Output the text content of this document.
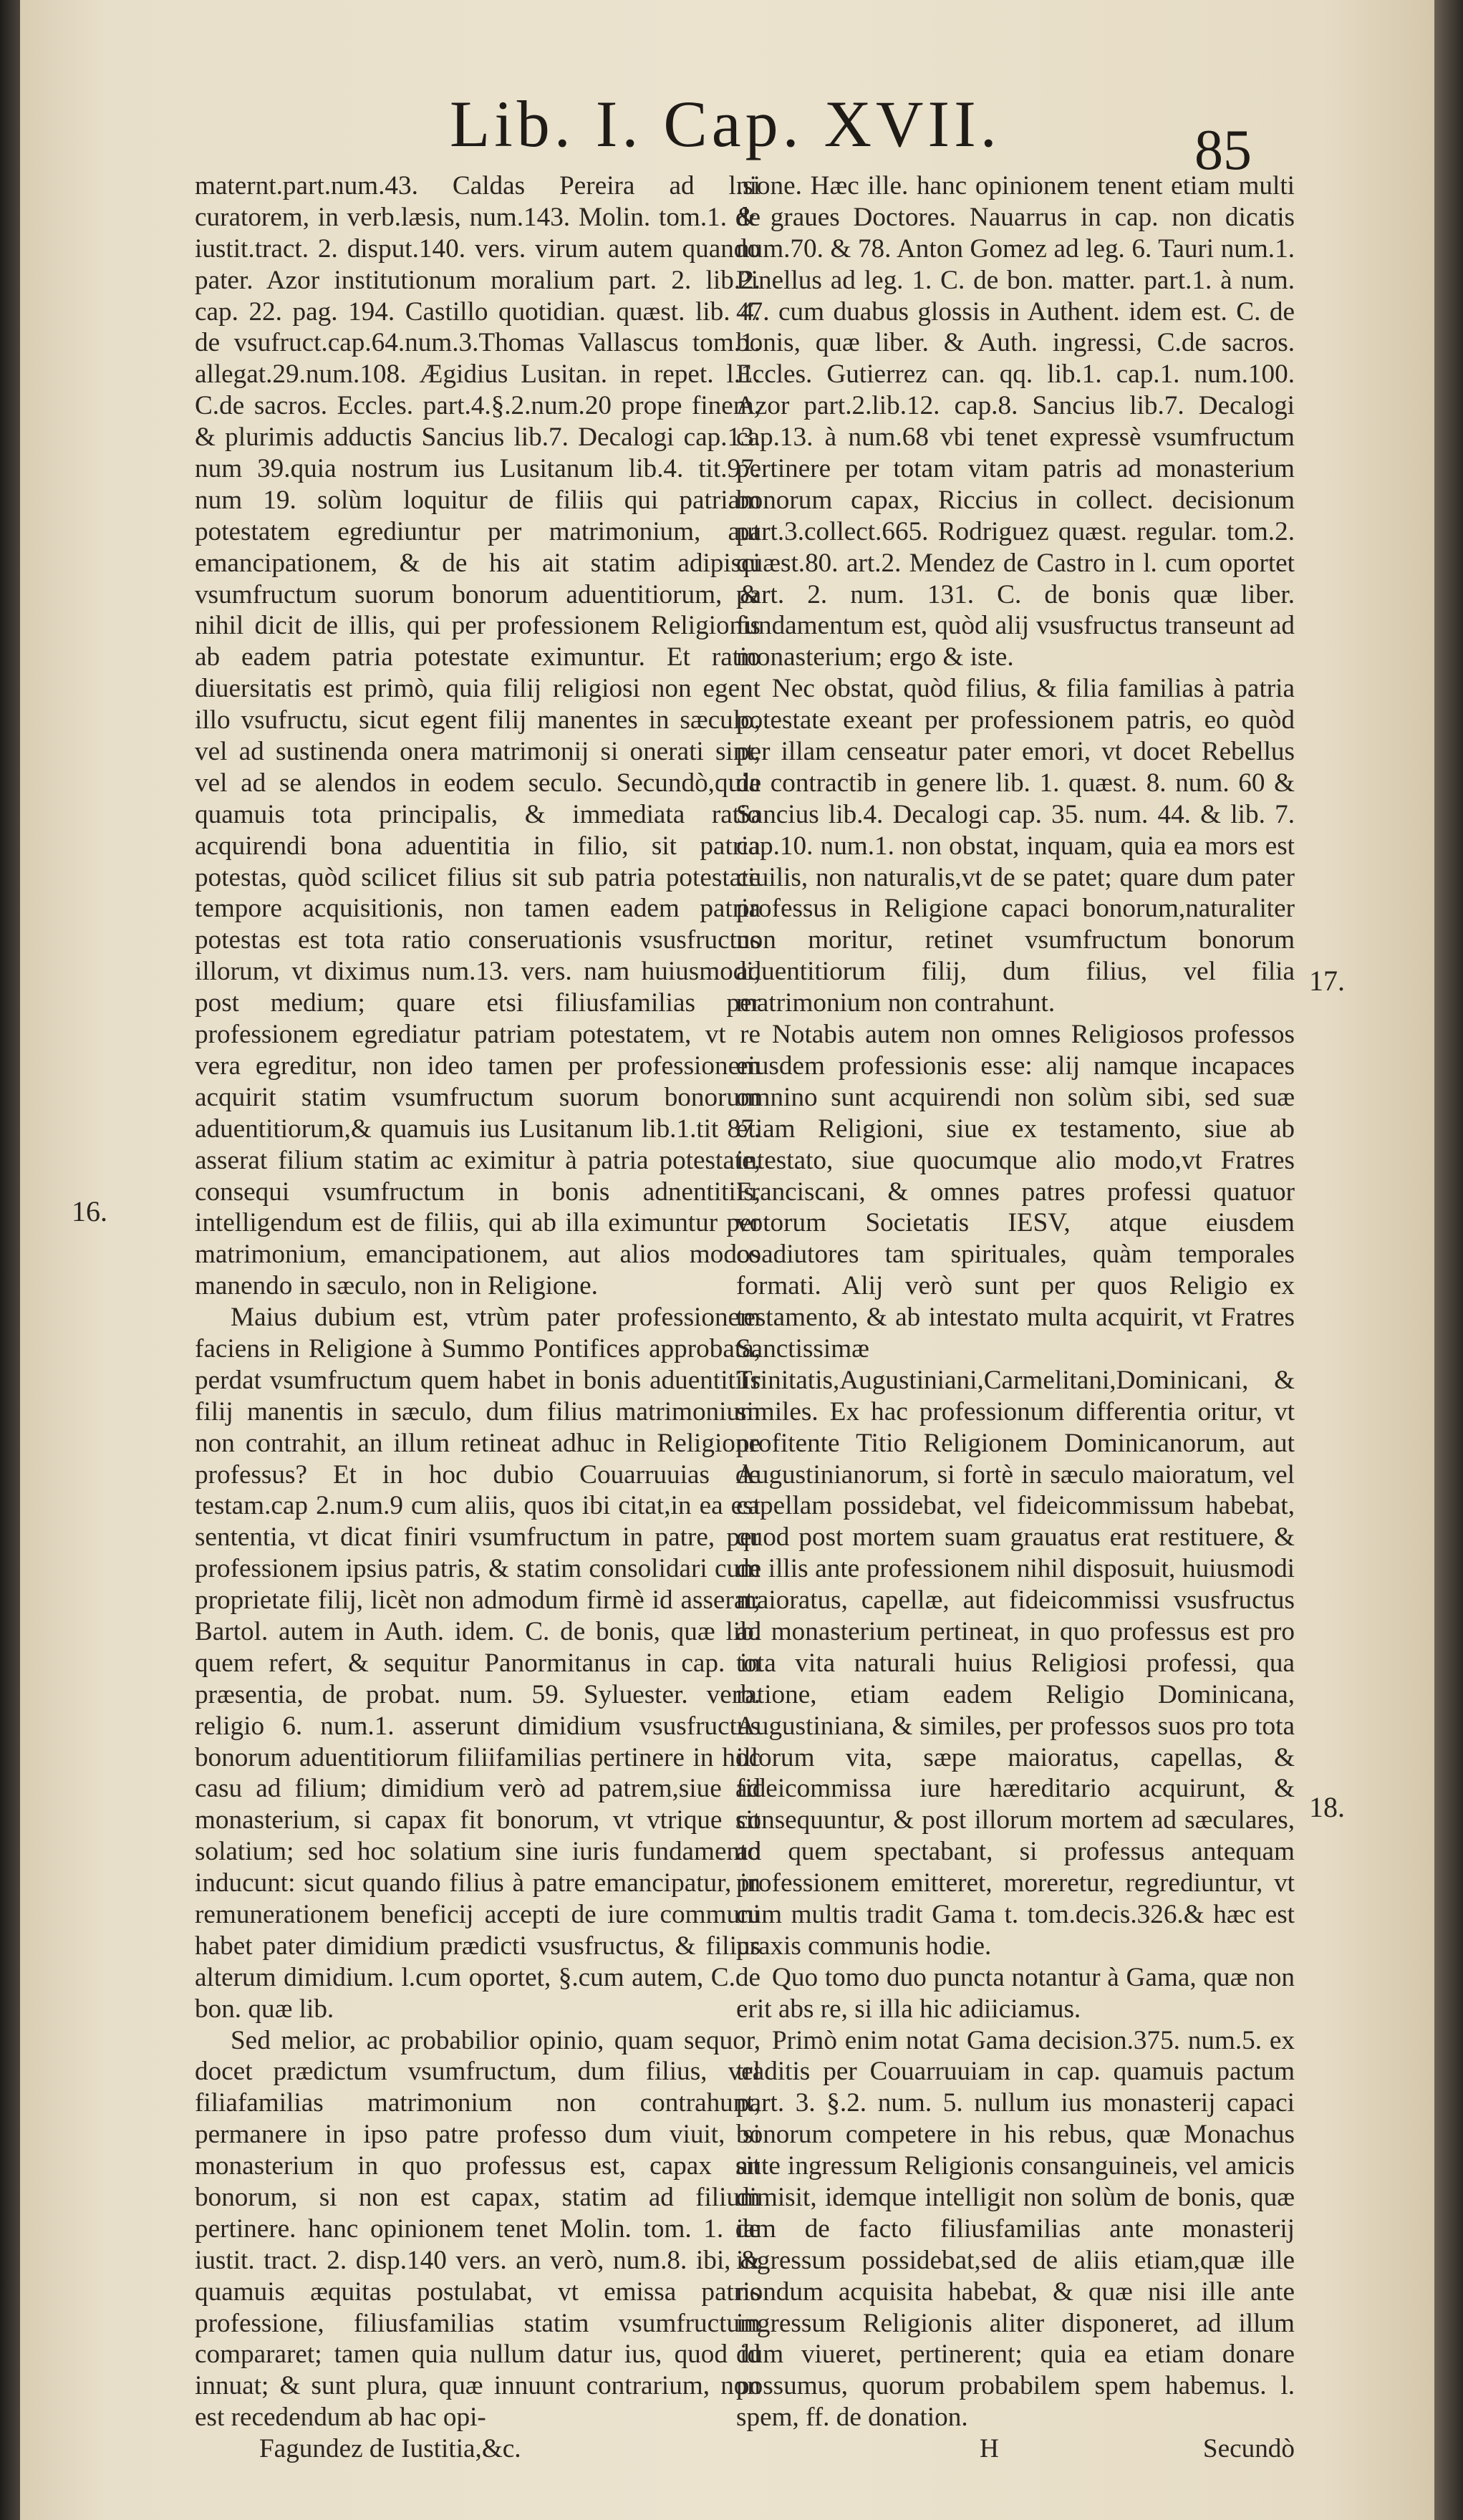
Lib. I. Cap. XVII.	85

maternt.part.num.43. Caldas Pereira ad l.si curatorem, in verb.læsis, num.143. Molin. tom.1. de iustit.tract. 2. disput.140. vers. virum autem quando pater. Azor institutionum moralium part. 2. lib.2. cap. 22. pag. 194. Castillo quotidian. quæst. lib. 4. de vsufruct.cap.64.num.3.Thomas Vallascus tom.1. allegat.29.num.108. Ægidius Lusitan. in repet. l.1. C.de sacros. Eccles. part.4.§.2.num.20 prope finem, & plurimis adductis Sancius lib.7. Decalogi cap.13. num 39.quia nostrum ius Lusitanum lib.4. tit.97. num 19. solùm loquitur de filiis qui patriam potestatem egrediuntur per matrimonium, aut emancipationem, & de his ait statim adipisci vsumfructum suorum bonorum aduentitiorum, & nihil dicit de illis, qui per professionem Religionis ab eadem patria potestate eximuntur. Et ratio diuersitatis est primò, quia filij religiosi non egent illo vsufructu, sicut egent filij manentes in sæculo, vel ad sustinenda onera matrimonij si onerati sint, vel ad se alendos in eodem seculo. Secundò,quia quamuis tota principalis, & immediata ratio acquirendi bona aduentitia in filio, sit patria potestas, quòd scilicet filius sit sub patria potestate tempore acquisitionis, non tamen eadem patria potestas est tota ratio conseruationis vsusfructus illorum, vt diximus num.13. vers. nam huiusmodi, post medium; quare etsi filiusfamilias per professionem egrediatur patriam potestatem, vt re vera egreditur, non ideo tamen per professionem acquirit statim vsumfructum suorum bonorum aduentitiorum,& quamuis ius Lusitanum lib.1.tit 87. asserat filium statim ac eximitur à patria potestate, consequi vsumfructum in bonis adnentitiis, intelligendum est de filiis, qui ab illa eximuntur per matrimonium, emancipationem, aut alios modos manendo in sæculo, non in Religione.

Maius dubium est, vtrùm pater professionem faciens in Religione à Summo Pontifices approbata, perdat vsumfructum quem habet in bonis aduentitiis filij manentis in sæculo, dum filius matrimonium non contrahit, an illum retineat adhuc in Religione professus? Et in hoc dubio Couarruuias de testam.cap 2.num.9 cum aliis, quos ibi citat,in ea est sententia, vt dicat finiri vsumfructum in patre, per professionem ipsius patris, & statim consolidari cum proprietate filij, licèt non admodum firmè id asserat; Bartol. autem in Auth. idem. C. de bonis, quæ lib. quem refert, & sequitur Panormitanus in cap. in præsentia, de probat. num. 59. Syluester. verb. religio 6. num.1. asserunt dimidium vsusfructus bonorum aduentitiorum filiifamilias pertinere in hoc casu ad filium; dimidium verò ad patrem,siue ad monasterium, si capax fit bonorum, vt vtrique sit solatium; sed hoc solatium sine iuris fundamento inducunt: sicut quando filius à patre emancipatur, in remunerationem beneficij accepti de iure communi habet pater dimidium prædicti vsusfructus, & filius alterum dimidium. l.cum oportet, §.cum autem, C.de bon. quæ lib.

Sed melior, ac probabilior opinio, quam sequor, docet prædictum vsumfructum, dum filius, vel filiafamilias matrimonium non contrahunt, permanere in ipso patre professo dum viuit, si monasterium in quo professus est, capax sit bonorum, si non est capax, statim ad filium pertinere. hanc opinionem tenet Molin. tom. 1. de iustit. tract. 2. disp.140 vers. an verò, num.8. ibi, & quamuis æquitas postulabat, vt emissa patris professione, filiusfamilias statim vsumfructum compararet; tamen quia nullum datur ius, quod id innuat; & sunt plura, quæ innuunt contrarium, non est recedendum ab hac opi-

Fagundez de Iustitia,&c.

nione. Hæc ille. hanc opinionem tenent etiam multi & graues Doctores. Nauarrus in cap. non dicatis num.70. & 78. Anton Gomez ad leg. 6. Tauri num.1. Pinellus ad leg. 1. C. de bon. matter. part.1. à num. 47. cum duabus glossis in Authent. idem est. C. de bonis, quæ liber. & Auth. ingressi, C.de sacros. Eccles. Gutierrez can. qq. lib.1. cap.1. num.100. Azor part.2.lib.12. cap.8. Sancius lib.7. Decalogi cap.13. à num.68 vbi tenet expressè vsumfructum pertinere per totam vitam patris ad monasterium bonorum capax, Riccius in collect. decisionum part.3.collect.665. Rodriguez quæst. regular. tom.2. quæst.80. art.2. Mendez de Castro in l. cum oportet part. 2. num. 131. C. de bonis quæ liber. fundamentum est, quòd alij vsusfructus transeunt ad monasterium; ergo & iste.

Nec obstat, quòd filius, & filia familias à patria potestate exeant per professionem patris, eo quòd per illam censeatur pater emori, vt docet Rebellus de contractib in genere lib. 1. quæst. 8. num. 60 & Sancius lib.4. Decalogi cap. 35. num. 44. & lib. 7. cap.10. num.1. non obstat, inquam, quia ea mors est ciuilis, non naturalis,vt de se patet; quare dum pater professus in Religione capaci bonorum,naturaliter non moritur, retinet vsumfructum bonorum aduentitiorum filij, dum filius, vel filia matrimonium non contrahunt.

Notabis autem non omnes Religiosos professos eiusdem professionis esse: alij namque incapaces omnino sunt acquirendi non solùm sibi, sed suæ etiam Religioni, siue ex testamento, siue ab intestato, siue quocumque alio modo,vt Fratres Franciscani, & omnes patres professi quatuor votorum Societatis IESV, atque eiusdem coadiutores tam spirituales, quàm temporales formati. Alij verò sunt per quos Religio ex testamento, & ab intestato multa acquirit, vt Fratres Sanctissimæ Trinitatis,Augustiniani,Carmelitani,Dominicani, & similes. Ex hac professionum differentia oritur, vt profitente Titio Religionem Dominicanorum, aut Augustinianorum, si fortè in sæculo maioratum, vel capellam possidebat, vel fideicommissum habebat, quod post mortem suam grauatus erat restituere, & de illis ante professionem nihil disposuit, huiusmodi maioratus, capellæ, aut fideicommissi vsusfructus ad monasterium pertineat, in quo professus est pro tota vita naturali huius Religiosi professi, qua ratione, etiam eadem Religio Dominicana, Augustiniana, & similes, per professos suos pro tota illorum vita, sæpe maioratus, capellas, & fideicommissa iure hæreditario acquirunt, & consequuntur, & post illorum mortem ad sæculares, ad quem spectabant, si professus antequam professionem emitteret, moreretur, regrediuntur, vt cum multis tradit Gama t. tom.decis.326.& hæc est praxis communis hodie.

Quo tomo duo puncta notantur à Gama, quæ non erit abs re, si illa hic adiiciamus.

Primò enim notat Gama decision.375. num.5. ex traditis per Couarruuiam in cap. quamuis pactum part. 3. §.2. num. 5. nullum ius monasterij capaci bonorum competere in his rebus, quæ Monachus ante ingressum Religionis consanguineis, vel amicis dimisit, idemque intelligit non solùm de bonis, quæ iam de facto filiusfamilias ante monasterij ingressum possidebat,sed de aliis etiam,quæ ille nondum acquisita habebat, & quæ nisi ille ante ingressum Religionis aliter disponeret, ad illum dum viueret, pertinerent; quia ea etiam donare possumus, quorum probabilem spem habemus. l. spem, ff. de donation.

H	Secundò

16.
17.
18.
